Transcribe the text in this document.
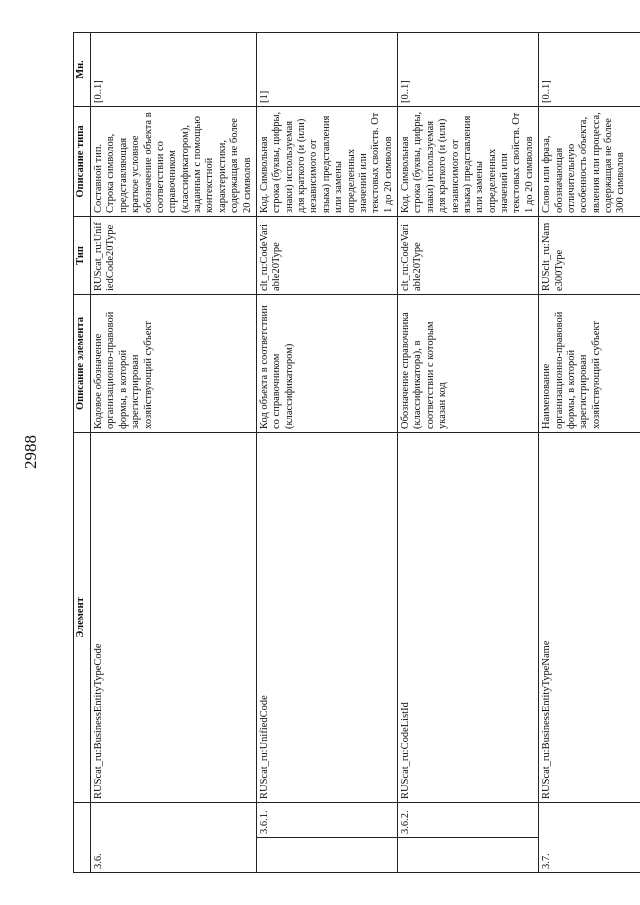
2988
		Элемент	Описание элемента	Тип	Описание типа	Мн.
3.6.		RUScat_ru:BusinessEntityTypeCode	Кодовое обозначение организационно-правовой формы, в которой зарегистрирован хозяйствующий субъект	RUScat_ru:UnifiedCode20Type	Составной тип. Строка символов, представляющая краткое условное обозначение объекта в соответствии со справочником (классификатором), заданным с помощью контекстной характеристики, содержащая не более 20 символов	[0..1]
	3.6.1.	RUScat_ru:UnifiedCode	Код объекта в соответствии со справочником (классификатором)	clt_ru:CodeVariable20Type	Код. Символьная строка (буквы, цифры, знаки) используемая для краткого (и (или) независимого от языка) представления или замены определенных значений или текстовых свойств. От 1 до 20 символов	[1]
	3.6.2.	RUScat_ru:CodeListId	Обозначение справочника (классификатора), в соответствии с которым указан код	clt_ru:CodeVariable20Type	Код. Символьная строка (буквы, цифры, знаки) используемая для краткого (и (или) независимого от языка) представления или замены определенных значений или текстовых свойств. От 1 до 20 символов	[0..1]
3.7.		RUScat_ru:BusinessEntityTypeName	Наименование организационно-правовой формы, в которой зарегистрирован хозяйствующий субъект	RUSclt_ru:Name300Type	Слово или фраза, обозначающая отличительную особенность объекта, явления или процесса, содержащая не более 300 символов	[0..1]
